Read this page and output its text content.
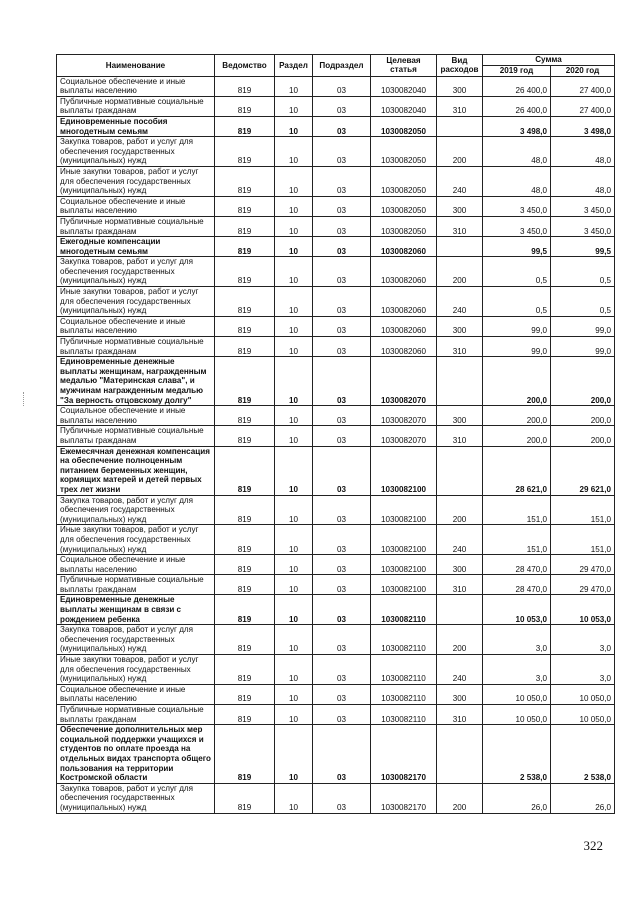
Наименование	Ведомство	Раздел	Подраздел	Целевая статья	Вид расходов	Сумма	
						2019 год	2020 год
Социальное обеспечение и иные выплаты населению	819	10	03	1030082040	300	26 400,0	27 400,0
Публичные нормативные социальные выплаты гражданам	819	10	03	1030082040	310	26 400,0	27 400,0
Единовременные пособия многодетным семьям	819	10	03	1030082050		3 498,0	3 498,0
Закупка товаров, работ и услуг для обеспечения государственных (муниципальных) нужд	819	10	03	1030082050	200	48,0	48,0
Иные закупки товаров, работ и услуг для обеспечения государственных (муниципальных) нужд	819	10	03	1030082050	240	48,0	48,0
Социальное обеспечение и иные выплаты населению	819	10	03	1030082050	300	3 450,0	3 450,0
Публичные нормативные социальные выплаты гражданам	819	10	03	1030082050	310	3 450,0	3 450,0
Ежегодные компенсации многодетным семьям	819	10	03	1030082060		99,5	99,5
Закупка товаров, работ и услуг для обеспечения государственных (муниципальных) нужд	819	10	03	1030082060	200	0,5	0,5
Иные закупки товаров, работ и услуг для обеспечения государственных (муниципальных) нужд	819	10	03	1030082060	240	0,5	0,5
Социальное обеспечение и иные выплаты населению	819	10	03	1030082060	300	99,0	99,0
Публичные нормативные социальные выплаты гражданам	819	10	03	1030082060	310	99,0	99,0
Единовременные денежные выплаты женщинам, награжденным медалью "Материнская слава", и мужчинам награжденным медалью "За верность отцовскому долгу"	819	10	03	1030082070		200,0	200,0
Социальное обеспечение и иные выплаты населению	819	10	03	1030082070	300	200,0	200,0
Публичные нормативные социальные выплаты гражданам	819	10	03	1030082070	310	200,0	200,0
Ежемесячная денежная компенсация на обеспечение полноценным питанием беременных женщин, кормящих матерей и детей первых трех лет жизни	819	10	03	1030082100		28 621,0	29 621,0
Закупка товаров, работ и услуг для обеспечения государственных (муниципальных) нужд	819	10	03	1030082100	200	151,0	151,0
Иные закупки товаров, работ и услуг для обеспечения государственных (муниципальных) нужд	819	10	03	1030082100	240	151,0	151,0
Социальное обеспечение и иные выплаты населению	819	10	03	1030082100	300	28 470,0	29 470,0
Публичные нормативные социальные выплаты гражданам	819	10	03	1030082100	310	28 470,0	29 470,0
Единовременные денежные выплаты женщинам в связи с рождением ребенка	819	10	03	1030082110		10 053,0	10 053,0
Закупка товаров, работ и услуг для обеспечения государственных (муниципальных) нужд	819	10	03	1030082110	200	3,0	3,0
Иные закупки товаров, работ и услуг для обеспечения государственных (муниципальных) нужд	819	10	03	1030082110	240	3,0	3,0
Социальное обеспечение и иные выплаты населению	819	10	03	1030082110	300	10 050,0	10 050,0
Публичные нормативные социальные выплаты гражданам	819	10	03	1030082110	310	10 050,0	10 050,0
Обеспечение дополнительных мер социальной поддержки учащихся и студентов по оплате проезда на отдельных видах транспорта общего пользования на территории Костромской области	819	10	03	1030082170		2 538,0	2 538,0
Закупка товаров, работ и услуг для обеспечения государственных (муниципальных) нужд	819	10	03	1030082170	200	26,0	26,0
322
